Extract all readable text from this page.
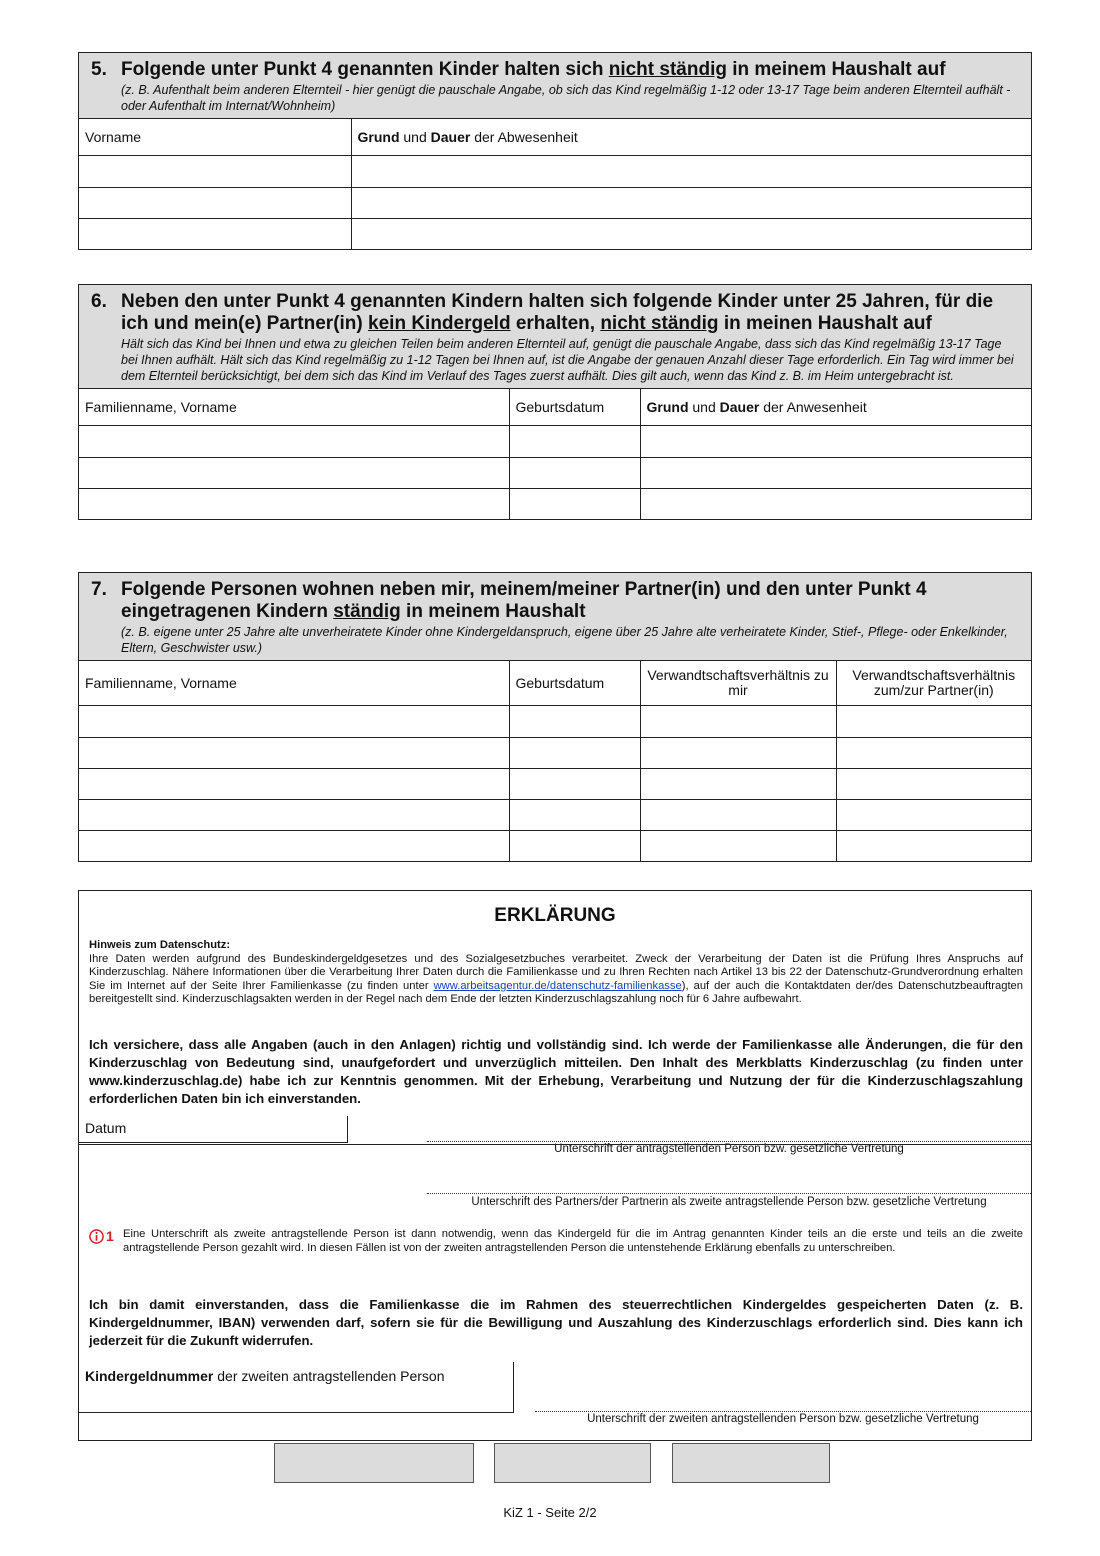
5. Folgende unter Punkt 4 genannten Kinder halten sich nicht ständig in meinem Haushalt auf
(z. B. Aufenthalt beim anderen Elternteil - hier genügt die pauschale Angabe, ob sich das Kind regelmäßig 1-12 oder 13-17 Tage beim anderen Elternteil aufhält - oder Aufenthalt im Internat/Wohnheim)
Vorname	Grund und Dauer der Abwesenheit

6. Neben den unter Punkt 4 genannten Kindern halten sich folgende Kinder unter 25 Jahren, für die ich und mein(e) Partner(in) kein Kindergeld erhalten, nicht ständig in meinen Haushalt auf
Hält sich das Kind bei Ihnen und etwa zu gleichen Teilen beim anderen Elternteil auf, genügt die pauschale Angabe, dass sich das Kind regelmäßig 13-17 Tage bei Ihnen aufhält. Hält sich das Kind regelmäßig zu 1-12 Tagen bei Ihnen auf, ist die Angabe der genauen Anzahl dieser Tage erforderlich. Ein Tag wird immer bei dem Elternteil berücksichtigt, bei dem sich das Kind im Verlauf des Tages zuerst aufhält. Dies gilt auch, wenn das Kind z. B. im Heim untergebracht ist.
Familienname, Vorname	Geburtsdatum	Grund und Dauer der Anwesenheit

7. Folgende Personen wohnen neben mir, meinem/meiner Partner(in) und den unter Punkt 4 eingetragenen Kindern ständig in meinem Haushalt
(z. B. eigene unter 25 Jahre alte unverheiratete Kinder ohne Kindergeldanspruch, eigene über 25 Jahre alte verheiratete Kinder, Stief-, Pflege- oder Enkelkinder, Eltern, Geschwister usw.)
Familienname, Vorname	Geburtsdatum	Verwandtschaftsverhältnis zu mir	Verwandtschaftsverhältnis zum/zur Partner(in)

ERKLÄRUNG
Hinweis zum Datenschutz:
Ihre Daten werden aufgrund des Bundeskindergeldgesetzes und des Sozialgesetzbuches verarbeitet. Zweck der Verarbeitung der Daten ist die Prüfung Ihres Anspruchs auf Kinderzuschlag. Nähere Informationen über die Verarbeitung Ihrer Daten durch die Familienkasse und zu Ihren Rechten nach Artikel 13 bis 22 der Datenschutz-Grundverordnung erhalten Sie im Internet auf der Seite Ihrer Familienkasse (zu finden unter www.arbeitsagentur.de/datenschutz-familienkasse), auf der auch die Kontaktdaten der/des Datenschutzbeauftragten bereitgestellt sind. Kinderzuschlagsakten werden in der Regel nach dem Ende der letzten Kinderzuschlagszahlung noch für 6 Jahre aufbewahrt.
Ich versichere, dass alle Angaben (auch in den Anlagen) richtig und vollständig sind. Ich werde der Familienkasse alle Änderungen, die für den Kinderzuschlag von Bedeutung sind, unaufgefordert und unverzüglich mitteilen. Den Inhalt des Merkblatts Kinderzuschlag (zu finden unter www.kinderzuschlag.de) habe ich zur Kenntnis genommen. Mit der Erhebung, Verarbeitung und Nutzung der für die Kinderzuschlagszahlung erforderlichen Daten bin ich einverstanden.
Datum
Unterschrift der antragstellenden Person bzw. gesetzliche Vertretung
Unterschrift des Partners/der Partnerin als zweite antragstellende Person bzw. gesetzliche Vertretung
1 Eine Unterschrift als zweite antragstellende Person ist dann notwendig, wenn das Kindergeld für die im Antrag genannten Kinder teils an die erste und teils an die zweite antragstellende Person gezahlt wird. In diesen Fällen ist von der zweiten antragstellenden Person die untenstehende Erklärung ebenfalls zu unterschreiben.
Ich bin damit einverstanden, dass die Familienkasse die im Rahmen des steuerrechtlichen Kindergeldes gespeicherten Daten (z. B. Kindergeldnummer, IBAN) verwenden darf, sofern sie für die Bewilligung und Auszahlung des Kinderzuschlags erforderlich sind. Dies kann ich jederzeit für die Zukunft widerrufen.
Kindergeldnummer der zweiten antragstellenden Person
Unterschrift der zweiten antragstellenden Person bzw. gesetzliche Vertretung
KiZ 1 - Seite 2/2
